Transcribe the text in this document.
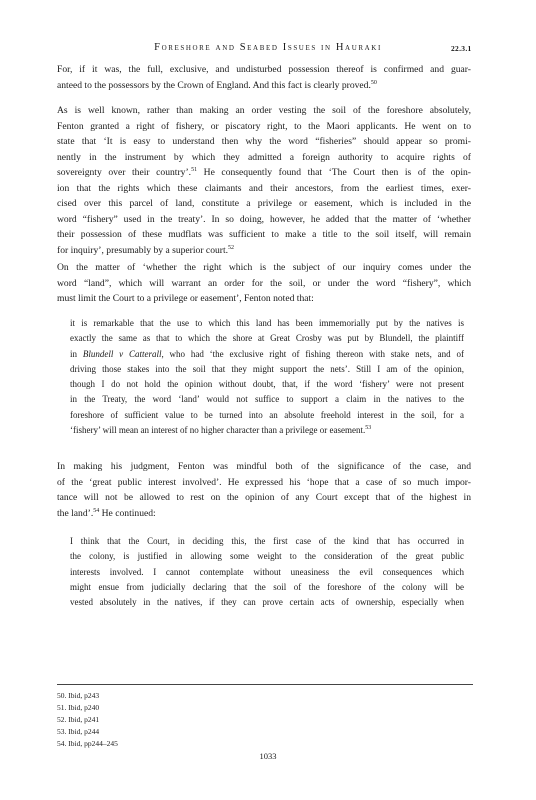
Foreshore and Seabed Issues in Hauraki	22.3.1
For, if it was, the full, exclusive, and undisturbed possession thereof is confirmed and guar-
anteed to the possessors by the Crown of England. And this fact is clearly proved.$^{50}$
As is well known, rather than making an order vesting the soil of the foreshore absolutely,
Fenton granted a right of fishery, or piscatory right, to the Maori applicants. He went on to
state that ‘It is easy to understand then why the word “fisheries” should appear so promi-
nently in the instrument by which they admitted a foreign authority to acquire rights of
sovereignty over their country’.$^{51}$ He consequently found that ‘The Court then is of the opin-
ion that the rights which these claimants and their ancestors, from the earliest times, exer-
cised over this parcel of land, constitute a privilege or easement, which is included in the
word “fishery” used in the treaty’. In so doing, however, he added that the matter of ‘whether
their possession of these mudflats was sufficient to make a title to the soil itself, will remain
for inquiry’, presumably by a superior court.$^{52}$
On the matter of ‘whether the right which is the subject of our inquiry comes under the
word “land”, which will warrant an order for the soil, or under the word “fishery”, which
must limit the Court to a privilege or easement’, Fenton noted that:
it is remarkable that the use to which this land has been immemorially put by the natives is
exactly the same as that to which the shore at Great Crosby was put by Blundell, the plaintiff
in Blundell v Catterall, who had ‘the exclusive right of fishing thereon with stake nets, and of
driving those stakes into the soil that they might support the nets’. Still I am of the opinion,
though I do not hold the opinion without doubt, that, if the word ‘fishery’ were not present
in the Treaty, the word ‘land’ would not suffice to support a claim in the natives to the
foreshore of sufficient value to be turned into an absolute freehold interest in the soil, for a
‘fishery’ will mean an interest of no higher character than a privilege or easement.$^{53}$
In making his judgment, Fenton was mindful both of the significance of the case, and
of the ‘great public interest involved’. He expressed his ‘hope that a case of so much impor-
tance will not be allowed to rest on the opinion of any Court except that of the highest in
the land’.$^{54}$ He continued:
I think that the Court, in deciding this, the first case of the kind that has occurred in
the colony, is justified in allowing some weight to the consideration of the great public
interests involved. I cannot contemplate without uneasiness the evil consequences which
might ensue from judicially declaring that the soil of the foreshore of the colony will be
vested absolutely in the natives, if they can prove certain acts of ownership, especially when
50. Ibid, p243
51. Ibid, p240
52. Ibid, p241
53. Ibid, p244
54. Ibid, pp244–245
1033
